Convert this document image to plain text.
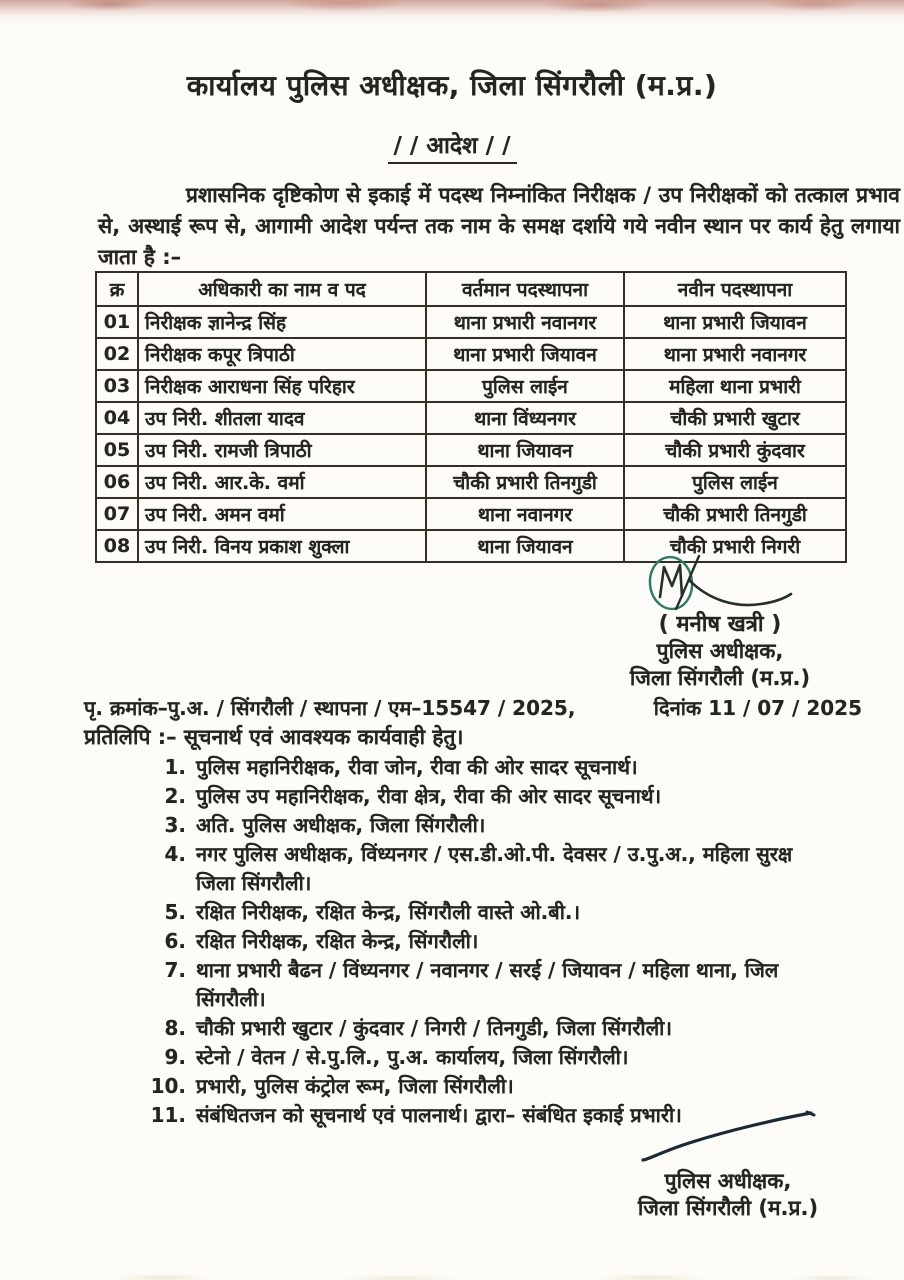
कार्यालय पुलिस अधीक्षक, जिला सिंगरौली (म.प्र.)
/ / आदेश / /
प्रशासनिक दृष्टिकोण से इकाई में पदस्थ निम्नांकित निरीक्षक / उप निरीक्षकों को तत्काल प्रभाव से, अस्थाई रूप से, आगामी आदेश पर्यन्त तक नाम के समक्ष दर्शाये गये नवीन स्थान पर कार्य हेतु लगाया जाता है :–
क्र	अधिकारी का नाम व पद	वर्तमान पदस्थापना	नवीन पदस्थापना
01	निरीक्षक ज्ञानेन्द्र सिंह	थाना प्रभारी नवानगर	थाना प्रभारी जियावन
02	निरीक्षक कपूर त्रिपाठी	थाना प्रभारी जियावन	थाना प्रभारी नवानगर
03	निरीक्षक आराधना सिंह परिहार	पुलिस लाईन	महिला थाना प्रभारी
04	उप निरी. शीतला यादव	थाना विंध्यनगर	चौकी प्रभारी खुटार
05	उप निरी. रामजी त्रिपाठी	थाना जियावन	चौकी प्रभारी कुंदवार
06	उप निरी. आर.के. वर्मा	चौकी प्रभारी तिनगुडी	पुलिस लाईन
07	उप निरी. अमन वर्मा	थाना नवानगर	चौकी प्रभारी तिनगुडी
08	उप निरी. विनय प्रकाश शुक्ला	थाना जियावन	चौकी प्रभारी निगरी
( मनीष खत्री )
पुलिस अधीक्षक,
जिला सिंगरौली (म.प्र.)
पृ. क्रमांक–पु.अ. / सिंगरौली / स्थापना / एम–15547 / 2025,	दिनांक 11 / 07 / 2025
प्रतिलिपि :– सूचनार्थ एवं आवश्यक कार्यवाही हेतु।
1. पुलिस महानिरीक्षक, रीवा जोन, रीवा की ओर सादर सूचनार्थ।
2. पुलिस उप महानिरीक्षक, रीवा क्षेत्र, रीवा की ओर सादर सूचनार्थ।
3. अति. पुलिस अधीक्षक, जिला सिंगरौली।
4. नगर पुलिस अधीक्षक, विंध्यनगर / एस.डी.ओ.पी. देवसर / उ.पु.अ., महिला सुरक्ष
जिला सिंगरौली।
5. रक्षित निरीक्षक, रक्षित केन्द्र, सिंगरौली वास्ते ओ.बी.।
6. रक्षित निरीक्षक, रक्षित केन्द्र, सिंगरौली।
7. थाना प्रभारी बैढन / विंध्यनगर / नवानगर / सरई / जियावन / महिला थाना, जिल
सिंगरौली।
8. चौकी प्रभारी खुटार / कुंदवार / निगरी / तिनगुडी, जिला सिंगरौली।
9. स्टेनो / वेतन / से.पु.लि., पु.अ. कार्यालय, जिला सिंगरौली।
10. प्रभारी, पुलिस कंट्रोल रूम, जिला सिंगरौली।
11. संबंधितजन को सूचनार्थ एवं पालनार्थ। द्वारा– संबंधित इकाई प्रभारी।
पुलिस अधीक्षक,
जिला सिंगरौली (म.प्र.)
